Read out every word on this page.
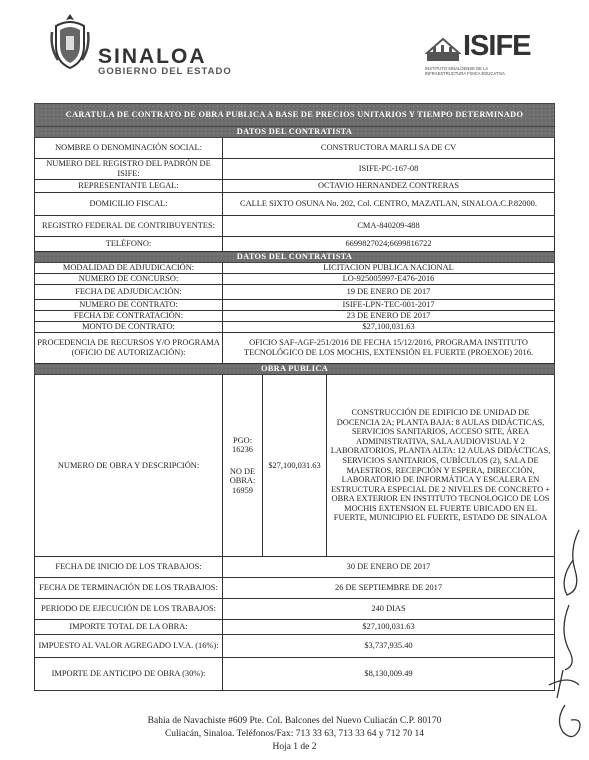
SINALOA
GOBIERNO DEL ESTADO
ISIFE
INSTITUTO SINALOENSE DE LA INFRAESTRUCTURA FÍSICA EDUCATIVA
CARATULA DE CONTRATO DE OBRA PUBLICA A BASE DE PRECIOS UNITARIOS Y TIEMPO DETERMINADO			
DATOS DEL CONTRATISTA			
NOMBRE O DENOMINACIÓN SOCIAL:	CONSTRUCTORA MARLI SA DE CV		
NUMERO DEL REGISTRO DEL PADRÓN DE ISIFE:	ISIFE-PC-167-08		
REPRESENTANTE LEGAL:	OCTAVIO HERNANDEZ CONTRERAS		
DOMICILIO FISCAL:	CALLE SIXTO OSUNA No. 202, Col. CENTRO, MAZATLAN, SINALOA.C.P.82000.		
REGISTRO FEDERAL DE CONTRIBUYENTES:	CMA-840209-488		
TELÉFONO:	6699827024;6699816722		
DATOS DEL CONTRATISTA			
MODALIDAD DE ADJUDICACIÓN:	LICITACION PUBLICA NACIONAL		
NUMERO DE CONCURSO:	LO-925005997-E476-2016		
FECHA DE ADJUDICACIÓN:	19 DE ENERO DE 2017		
NUMERO DE CONTRATO:	ISIFE-LPN-TEC-001-2017		
FECHA DE CONTRATACIÓN:	23 DE ENERO DE 2017		
MONTO DE CONTRATO:	$27,100,031.63		
PROCEDENCIA DE RECURSOS Y/O PROGRAMA (OFICIO DE AUTORIZACIÓN):	OFICIO SAF-AGF-251/2016 DE FECHA 15/12/2016, PROGRAMA INSTITUTO TECNOLÓGICO DE LOS MOCHIS, EXTENSIÓN EL FUERTE (PROEXOE) 2016.		
OBRA PUBLICA			
NUMERO DE OBRA Y DESCRIPCIÓN:	PGO: 16236
NO DE OBRA: 16959	$27,100,031.63	CONSTRUCCIÓN DE EDIFICIO DE UNIDAD DE DOCENCIA 2A; PLANTA BAJA: 8 AULAS DIDÁCTICAS, SERVICIOS SANITARIOS, ACCESO SITE, ÁREA ADMINISTRATIVA, SALA AUDIOVISUAL Y 2 LABORATORIOS, PLANTA ALTA: 12 AULAS DIDÁCTICAS, SERVICIOS SANITARIOS, CUBÍCULOS (2), SALA DE MAESTROS, RECEPCIÓN Y ESPERA, DIRECCIÓN, LABORATORIO DE INFORMÁTICA Y ESCALERA EN ESTRUCTURA ESPECIAL DE 2 NIVELES DE CONCRETO + OBRA EXTERIOR EN INSTITUTO TECNOLOGICO DE LOS MOCHIS EXTENSION EL FUERTE UBICADO EN EL FUERTE, MUNICIPIO EL FUERTE, ESTADO DE SINALOA
FECHA DE INICIO DE LOS TRABAJOS:	30 DE ENERO DE 2017		
FECHA DE TERMINACIÓN DE LOS TRABAJOS:	26 DE SEPTIEMBRE DE 2017		
PERIODO DE EJECUCIÓN DE LOS TRABAJOS:	240 DIAS		
IMPORTE TOTAL DE LA OBRA:	$27,100,031.63		
IMPUESTO AL VALOR AGREGADO I.V.A. (16%):	$3,737,935.40		
IMPORTE DE ANTICIPO DE OBRA (30%):	$8,130,009.49		
Bahía de Navachiste #609 Pte. Col. Balcones del Nuevo Culiacán C.P. 80170
Culiacán, Sinaloa. Teléfonos/Fax: 713 33 63, 713 33 64 y 712 70 14
Hoja 1 de 2
